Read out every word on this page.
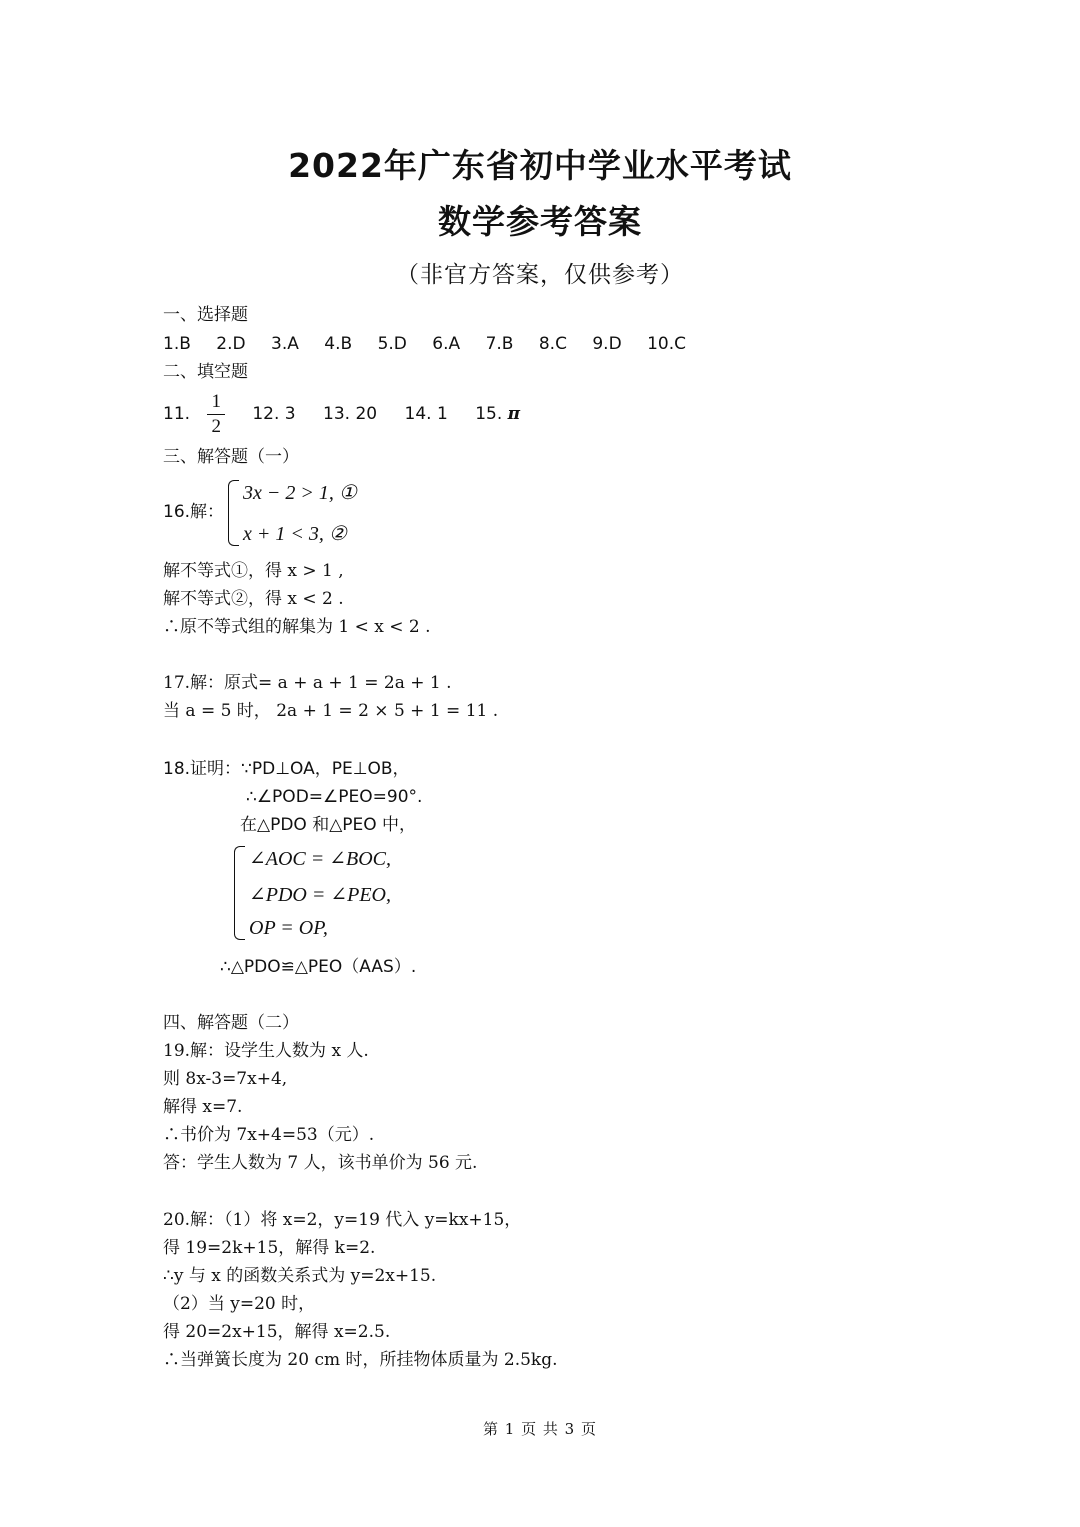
2022年广东省初中学业水平考试
数学参考答案
（非官方答案，仅供参考）
一、选择题
1.B 2.D 3.A 4.B 5.D 6.A 7.B 8.C 9.D 10.C
二、填空题
11. $\frac{1}{2} 12$. 3 13. 20 14. 1 15. π
三、解答题（一）
16.解：
3x − 2 > 1, ①
x + 1 < 3, ②
解不等式①，得 x > 1 ,
解不等式②，得 x < 2 .
∴原不等式组的解集为 1 < x < 2 .
17.解：原式= a + a + 1 = 2a + 1 .
当 a = 5 时， 2a + 1 = 2 × 5 + 1 = 11 .
18.证明：∵PD⊥OA，PE⊥OB，
∴∠POD=∠PEO=90°.
在△PDO 和△PEO 中，
∠AOC = ∠BOC,
∠PDO = ∠PEO,
OP = OP,
∴△PDO≌△PEO（AAS）.
四、解答题（二）
19.解：设学生人数为 x 人.
则 8x-3=7x+4,
解得 x=7.
∴书价为 7x+4=53（元）.
答：学生人数为 7 人，该书单价为 56 元.
20.解：（1）将 x=2，y=19 代入 y=kx+15，
得 19=2k+15，解得 k=2.
∴y 与 x 的函数关系式为 y=2x+15.
（2）当 y=20 时，
得 20=2x+15，解得 x=2.5.
∴当弹簧长度为 20 cm 时，所挂物体质量为 2.5kg.
第 1 页 共 3 页
